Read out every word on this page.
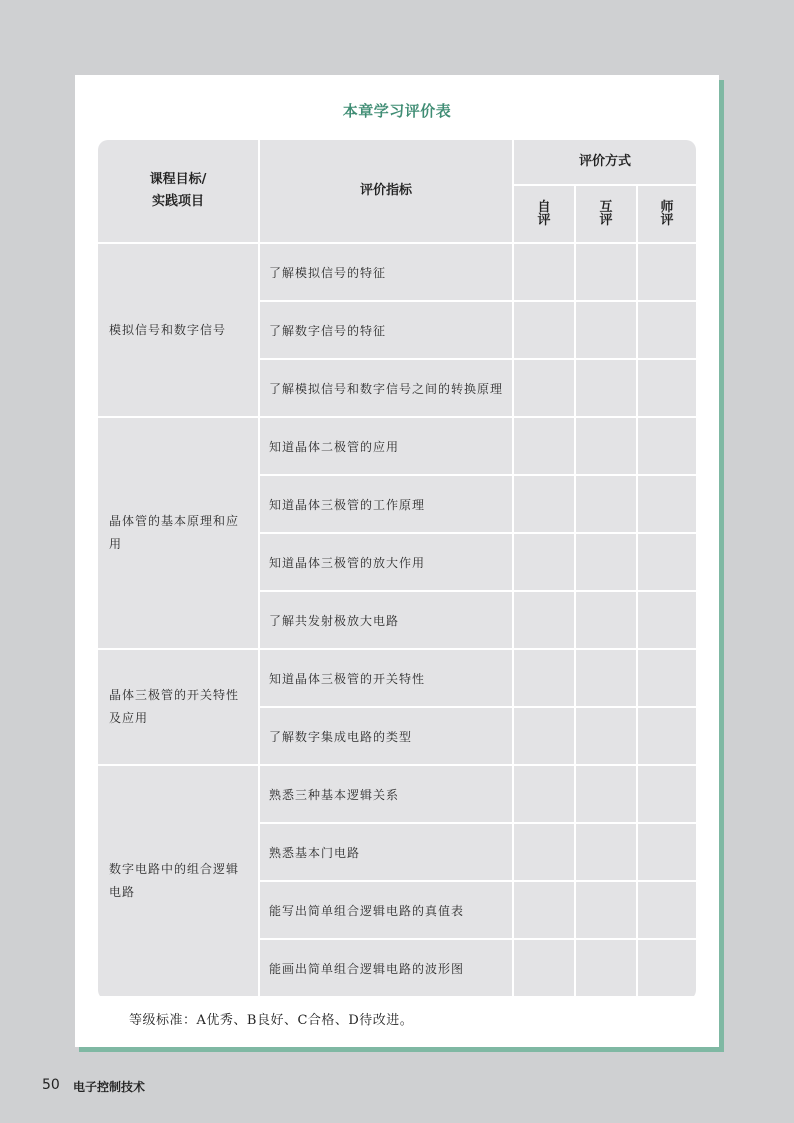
本章学习评价表
课程目标/
实践项目
评价指标
评价方式
自
评
互
评
师
评
模拟信号和数字信号
了解模拟信号的特征
了解数字信号的特征
了解模拟信号和数字信号之间的转换原理
晶体管的基本原理和应用
知道晶体二极管的应用
知道晶体三极管的工作原理
知道晶体三极管的放大作用
了解共发射极放大电路
晶体三极管的开关特性及应用
知道晶体三极管的开关特性
了解数字集成电路的类型
数字电路中的组合逻辑电路
熟悉三种基本逻辑关系
熟悉基本门电路
能写出简单组合逻辑电路的真值表
能画出简单组合逻辑电路的波形图
等级标准：A优秀、B良好、C合格、D待改进。
50 电子控制技术
